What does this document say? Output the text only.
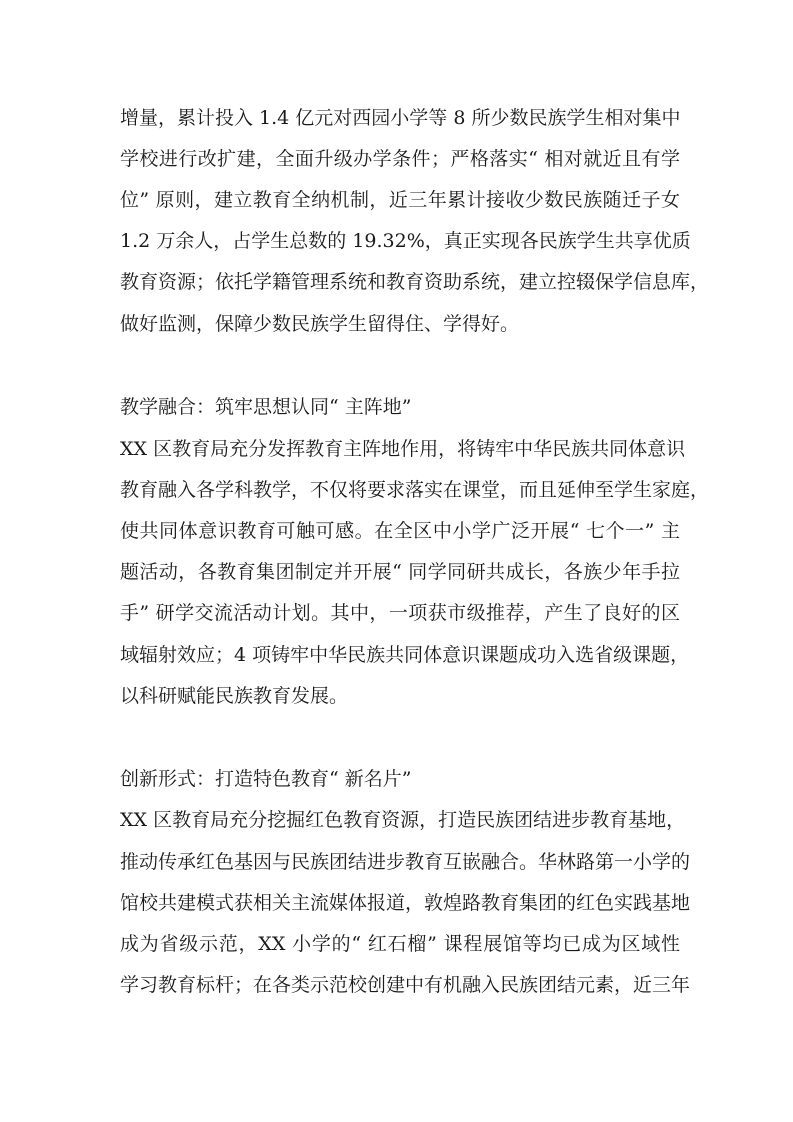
增量，累计投入 1.4 亿元对西园小学等 8 所少数民族学生相对集中

学校进行改扩建，全面升级办学条件；严格落实“ 相对就近且有学

位” 原则，建立教育全纳机制，近三年累计接收少数民族随迁子女

1.2 万余人，占学生总数的 19.32%，真正实现各民族学生共享优质

教育资源；依托学籍管理系统和教育资助系统，建立控辍保学信息库，

做好监测，保障少数民族学生留得住、学得好。

教学融合：筑牢思想认同“ 主阵地”

XX 区教育局充分发挥教育主阵地作用，将铸牢中华民族共同体意识

教育融入各学科教学，不仅将要求落实在课堂，而且延伸至学生家庭，

使共同体意识教育可触可感。在全区中小学广泛开展“ 七个一” 主

题活动，各教育集团制定并开展“ 同学同研共成长，各族少年手拉

手” 研学交流活动计划。其中，一项获市级推荐，产生了良好的区

域辐射效应；4 项铸牢中华民族共同体意识课题成功入选省级课题，

以科研赋能民族教育发展。

创新形式：打造特色教育“ 新名片”

XX 区教育局充分挖掘红色教育资源，打造民族团结进步教育基地，

推动传承红色基因与民族团结进步教育互嵌融合。华林路第一小学的

馆校共建模式获相关主流媒体报道，敦煌路教育集团的红色实践基地

成为省级示范，XX 小学的“ 红石榴” 课程展馆等均已成为区域性

学习教育标杆；在各类示范校创建中有机融入民族团结元素，近三年
